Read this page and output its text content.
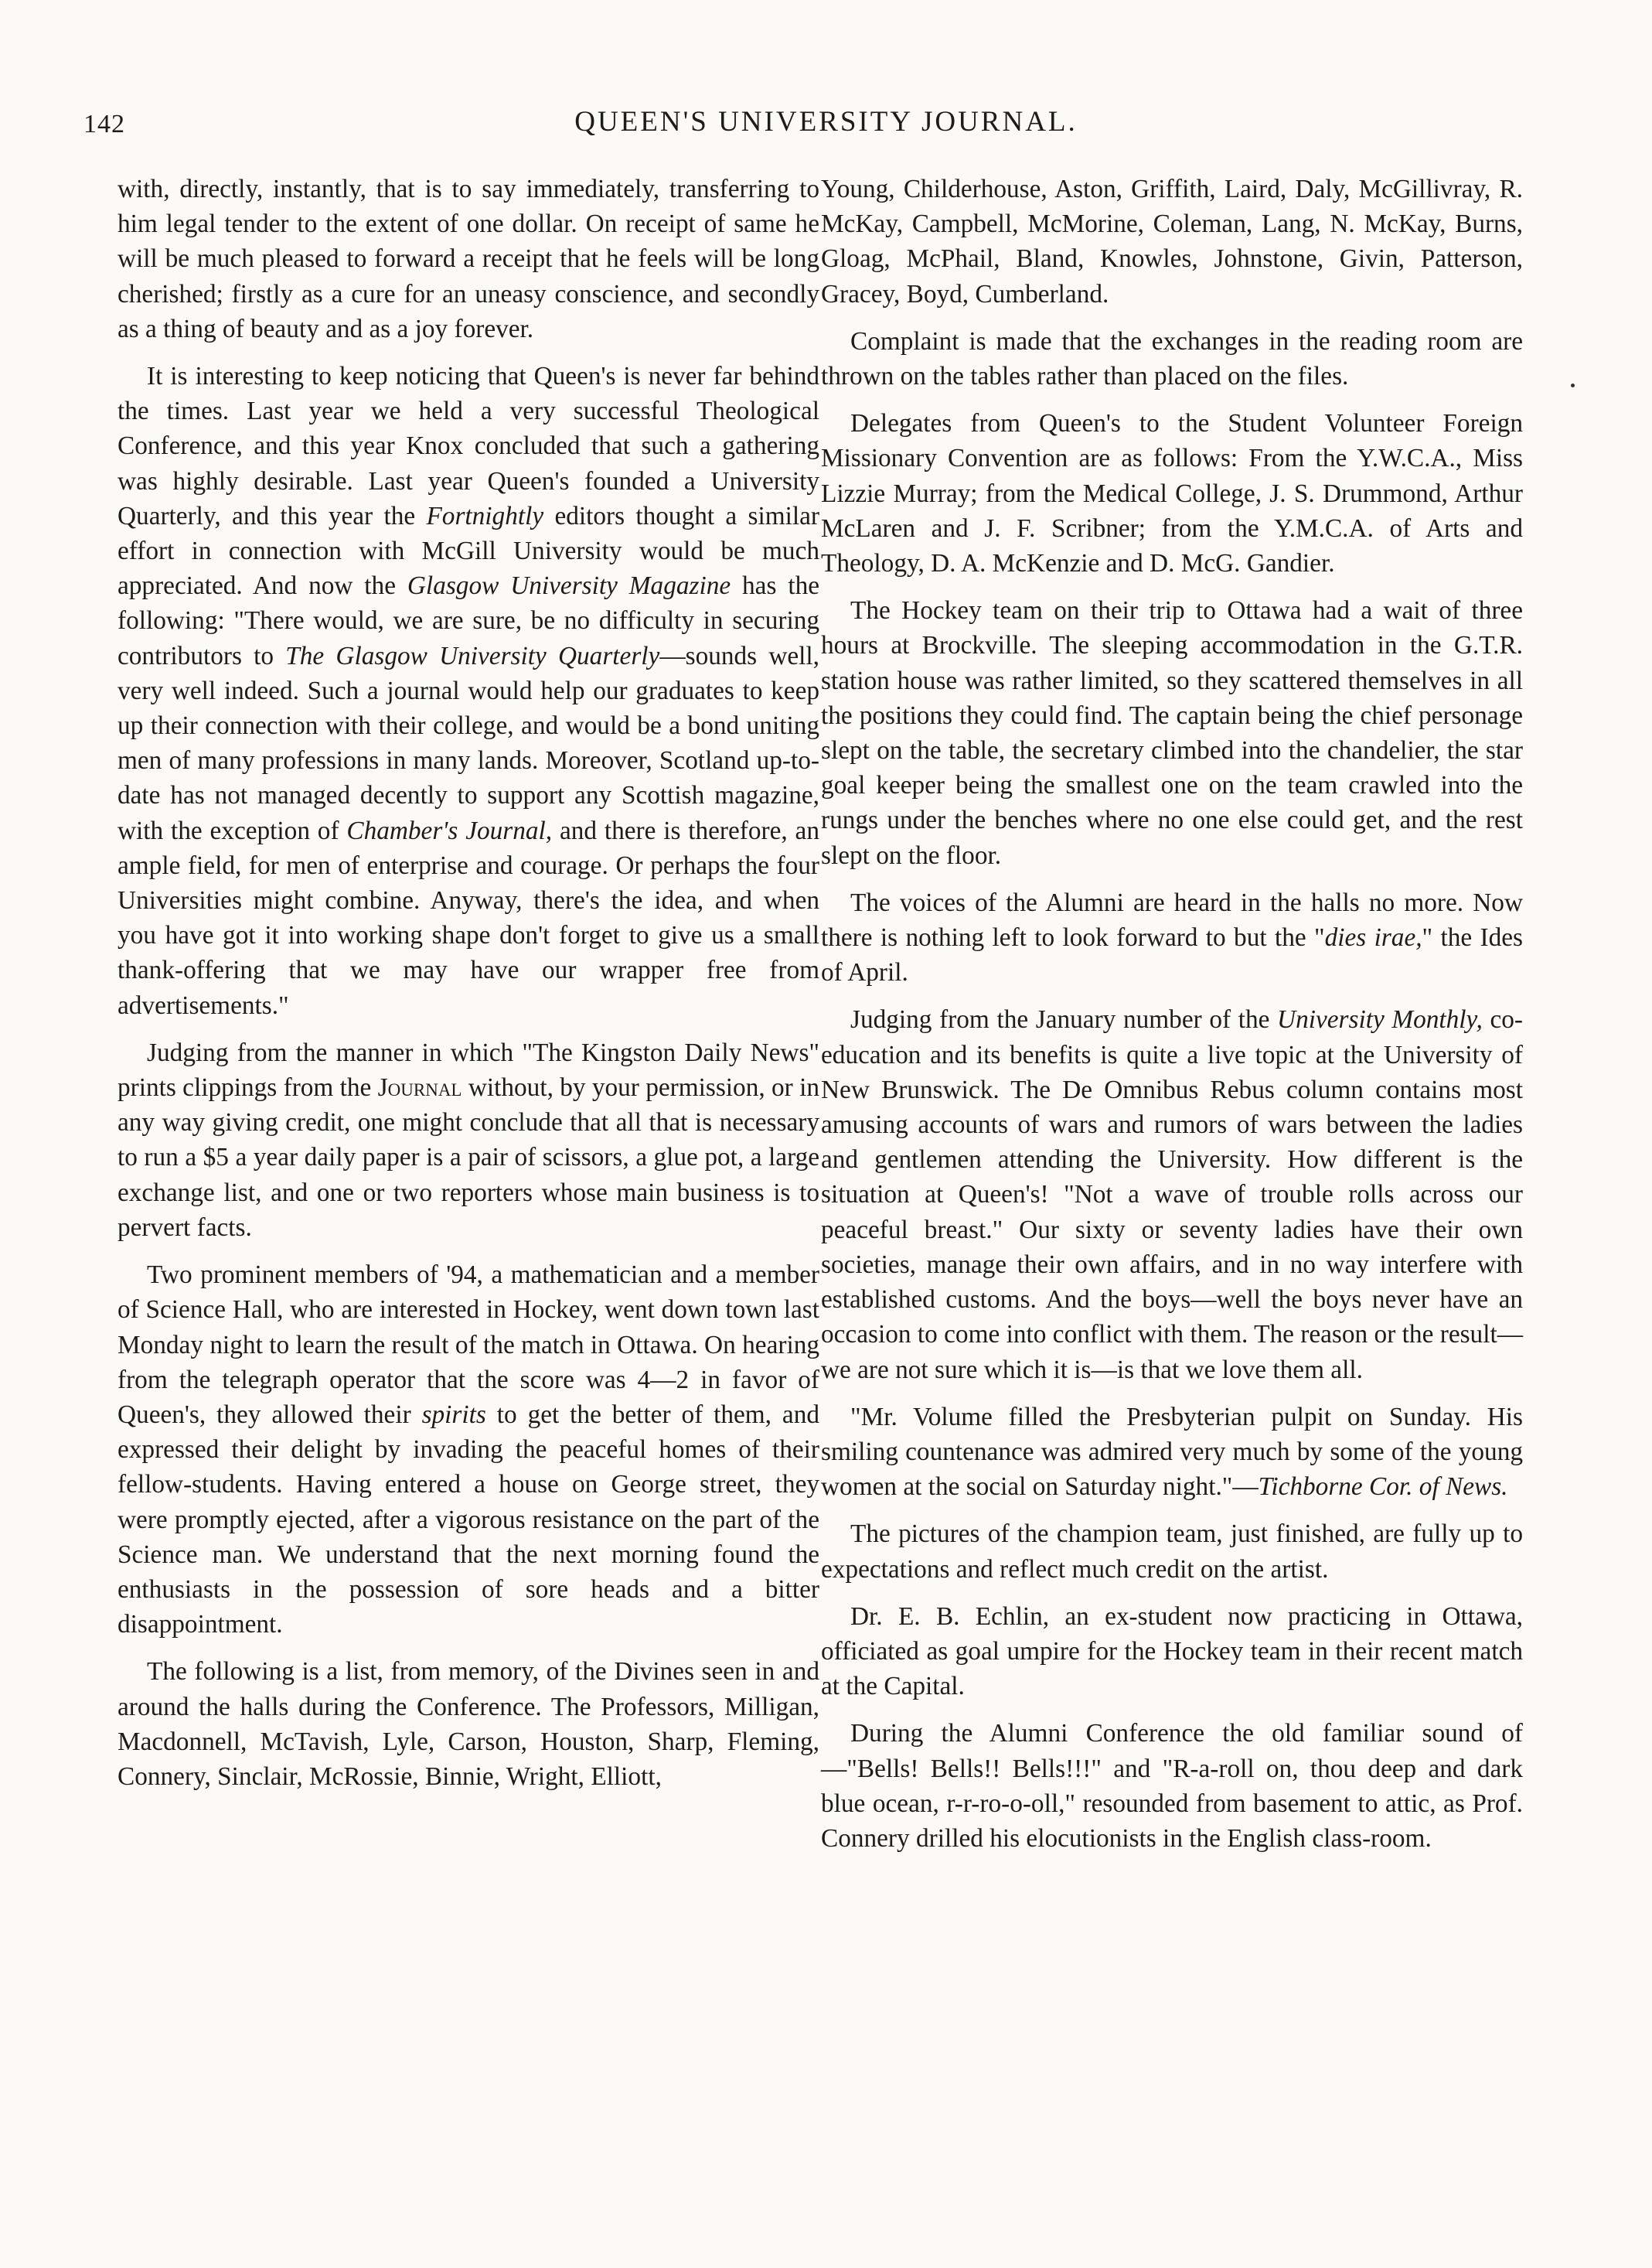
142	QUEEN'S UNIVERSITY JOURNAL.

with, directly, instantly, that is to say immediately, transferring to him legal tender to the extent of one dollar. On receipt of same he will be much pleased to forward a receipt that he feels will be long cherished; firstly as a cure for an uneasy conscience, and secondly as a thing of beauty and as a joy forever.

It is interesting to keep noticing that Queen's is never far behind the times. Last year we held a very successful Theological Conference, and this year Knox concluded that such a gathering was highly desirable. Last year Queen's founded a University Quarterly, and this year the Fortnightly editors thought a similar effort in connection with McGill University would be much appreciated. And now the Glasgow University Magazine has the following: "There would, we are sure, be no difficulty in securing contributors to The Glasgow University Quarterly—sounds well, very well indeed. Such a journal would help our graduates to keep up their connection with their college, and would be a bond uniting men of many professions in many lands. Moreover, Scotland up-to-date has not managed decently to support any Scottish magazine, with the exception of Chamber's Journal, and there is therefore, an ample field, for men of enterprise and courage. Or perhaps the four Universities might combine. Anyway, there's the idea, and when you have got it into working shape don't forget to give us a small thank-offering that we may have our wrapper free from advertisements."

Judging from the manner in which "The Kingston Daily News" prints clippings from the Journal without, by your permission, or in any way giving credit, one might conclude that all that is necessary to run a $5 a year daily paper is a pair of scissors, a glue pot, a large exchange list, and one or two reporters whose main business is to pervert facts.

Two prominent members of '94, a mathematician and a member of Science Hall, who are interested in Hockey, went down town last Monday night to learn the result of the match in Ottawa. On hearing from the telegraph operator that the score was 4—2 in favor of Queen's, they allowed their spirits to get the better of them, and expressed their delight by invading the peaceful homes of their fellow-students. Having entered a house on George street, they were promptly ejected, after a vigorous resistance on the part of the Science man. We understand that the next morning found the enthusiasts in the possession of sore heads and a bitter disappointment.

The following is a list, from memory, of the Divines seen in and around the halls during the Conference. The Professors, Milligan, Macdonnell, McTavish, Lyle, Carson, Houston, Sharp, Fleming, Connery, Sinclair, McRossie, Binnie, Wright, Elliott,

Young, Childerhouse, Aston, Griffith, Laird, Daly, McGillivray, R. McKay, Campbell, McMorine, Coleman, Lang, N. McKay, Burns, Gloag, McPhail, Bland, Knowles, Johnstone, Givin, Patterson, Gracey, Boyd, Cumberland.

Complaint is made that the exchanges in the reading room are thrown on the tables rather than placed on the files.

Delegates from Queen's to the Student Volunteer Foreign Missionary Convention are as follows: From the Y.W.C.A., Miss Lizzie Murray; from the Medical College, J. S. Drummond, Arthur McLaren and J. F. Scribner; from the Y.M.C.A. of Arts and Theology, D. A. McKenzie and D. McG. Gandier.

The Hockey team on their trip to Ottawa had a wait of three hours at Brockville. The sleeping accommodation in the G.T.R. station house was rather limited, so they scattered themselves in all the positions they could find. The captain being the chief personage slept on the table, the secretary climbed into the chandelier, the star goal keeper being the smallest one on the team crawled into the rungs under the benches where no one else could get, and the rest slept on the floor.

The voices of the Alumni are heard in the halls no more. Now there is nothing left to look forward to but the "dies irae," the Ides of April.

Judging from the January number of the University Monthly, co-education and its benefits is quite a live topic at the University of New Brunswick. The De Omnibus Rebus column contains most amusing accounts of wars and rumors of wars between the ladies and gentlemen attending the University. How different is the situation at Queen's! "Not a wave of trouble rolls across our peaceful breast." Our sixty or seventy ladies have their own societies, manage their own affairs, and in no way interfere with established customs. And the boys—well the boys never have an occasion to come into conflict with them. The reason or the result—we are not sure which it is—is that we love them all.

"Mr. Volume filled the Presbyterian pulpit on Sunday. His smiling countenance was admired very much by some of the young women at the social on Saturday night."—Tichborne Cor. of News.

The pictures of the champion team, just finished, are fully up to expectations and reflect much credit on the artist.

Dr. E. B. Echlin, an ex-student now practicing in Ottawa, officiated as goal umpire for the Hockey team in their recent match at the Capital.

During the Alumni Conference the old familiar sound of—"Bells! Bells!! Bells!!!" and "R-a-roll on, thou deep and dark blue ocean, r-r-ro-o-oll," resounded from basement to attic, as Prof. Connery drilled his elocutionists in the English class-room.
